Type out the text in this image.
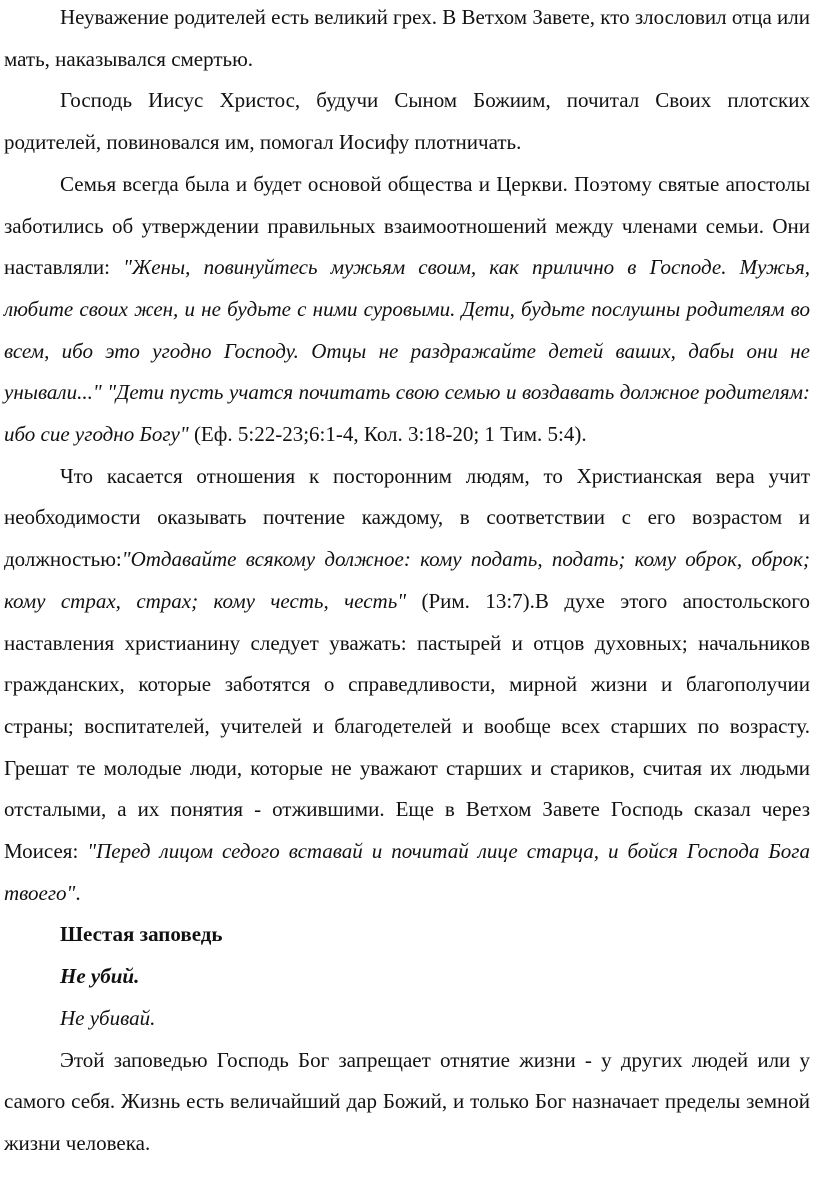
Неуважение родителей есть великий грех. В Ветхом Завете, кто злословил отца или мать, наказывался смертью.

Господь Иисус Христос, будучи Сыном Божиим, почитал Своих плотских родителей, повиновался им, помогал Иосифу плотничать.

Семья всегда была и будет основой общества и Церкви. Поэтому святые апостолы заботились об утверждении правильных взаимоотношений между членами семьи. Они наставляли: "Жены, повинуйтесь мужьям своим, как прилично в Господе. Мужья, любите своих жен, и не будьте с ними суровыми. Дети, будьте послушны родителям во всем, ибо это угодно Господу. Отцы не раздражайте детей ваших, дабы они не унывали..." "Дети пусть учатся почитать свою семью и воздавать должное родителям: ибо сие угодно Богу" (Еф. 5:22-23;6:1-4, Кол. 3:18-20; 1 Тим. 5:4).

Что касается отношения к посторонним людям, то Христианская вера учит необходимости оказывать почтение каждому, в соответствии с его возрастом и должностью:"Отдавайте всякому должное: кому подать, подать; кому оброк, оброк; кому страх, страх; кому честь, честь" (Рим. 13:7).В духе этого апостольского наставления христианину следует уважать: пастырей и отцов духовных; начальников гражданских, которые заботятся о справедливости, мирной жизни и благополучии страны; воспитателей, учителей и благодетелей и вообще всех старших по возрасту. Грешат те молодые люди, которые не уважают старших и стариков, считая их людьми отсталыми, а их понятия - отжившими. Еще в Ветхом Завете Господь сказал через Моисея: "Перед лицом седого вставай и почитай лице старца, и бойся Господа Бога твоего".

Шестая заповедь

Не убий.

Не убивай.

Этой заповедью Господь Бог запрещает отнятие жизни - у других людей или у самого себя. Жизнь есть величайший дар Божий, и только Бог назначает пределы земной жизни человека.
